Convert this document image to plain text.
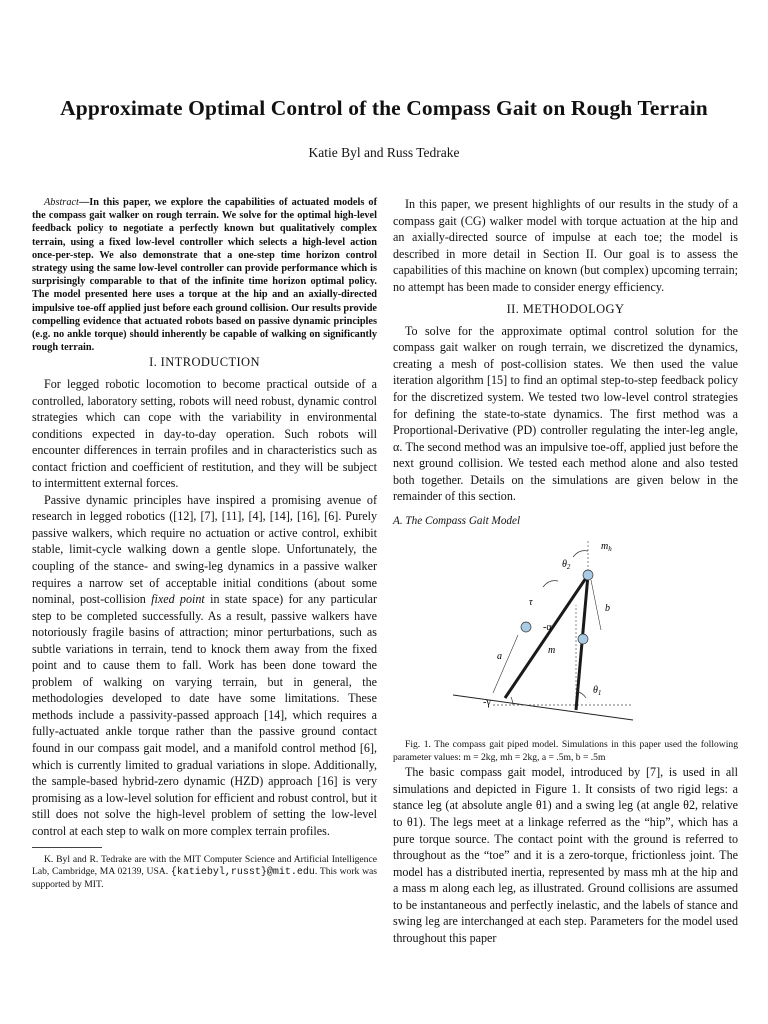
Approximate Optimal Control of the Compass Gait on Rough Terrain
Katie Byl and Russ Tedrake

Abstract—In this paper, we explore the capabilities of actuated models of the compass gait walker on rough terrain. We solve for the optimal high-level feedback policy to negotiate a perfectly known but qualitatively complex terrain, using a fixed low-level controller which selects a high-level action once-per-step. We also demonstrate that a one-step time horizon control strategy using the same low-level controller can provide performance which is surprisingly comparable to that of the infinite time horizon optimal policy. The model presented here uses a torque at the hip and an axially-directed impulsive toe-off applied just before each ground collision. Our results provide compelling evidence that actuated robots based on passive dynamic principles (e.g. no ankle torque) should inherently be capable of walking on significantly rough terrain.

I. INTRODUCTION

For legged robotic locomotion to become practical outside of a controlled, laboratory setting, robots will need robust, dynamic control strategies which can cope with the variability in environmental conditions expected in day-to-day operation. Such robots will encounter differences in terrain profiles and in characteristics such as contact friction and coefficient of restitution, and they will be subject to intermittent external forces.

Passive dynamic principles have inspired a promising avenue of research in legged robotics ([12], [7], [11], [4], [14], [16], [6]. Purely passive walkers, which require no actuation or active control, exhibit stable, limit-cycle walking down a gentle slope. Unfortunately, the coupling of the stance- and swing-leg dynamics in a passive walker requires a narrow set of acceptable initial conditions (about some nominal, post-collision fixed point in state space) for any particular step to be completed successfully. As a result, passive walkers have notoriously fragile basins of attraction; minor perturbations, such as subtle variations in terrain, tend to knock them away from the fixed point and to cause them to fall. Work has been done toward the problem of walking on varying terrain, but in general, the methodologies developed to date have some limitations. These methods include a passivity-passed approach [14], which requires a fully-actuated ankle torque rather than the passive ground contact found in our compass gait model, and a manifold control method [6], which is currently limited to gradual variations in slope. Additionally, the sample-based hybrid-zero dynamic (HZD) approach [16] is very promising as a low-level solution for efficient and robust control, but it still does not solve the high-level problem of setting the low-level control at each step to walk on more complex terrain profiles.

K. Byl and R. Tedrake are with the MIT Computer Science and Artificial Intelligence Lab, Cambridge, MA 02139, USA. {katiebyl,russt}@mit.edu. This work was supported by MIT.

In this paper, we present highlights of our results in the study of a compass gait (CG) walker model with torque actuation at the hip and an axially-directed source of impulse at each toe; the model is described in more detail in Section II. Our goal is to assess the capabilities of this machine on known (but complex) upcoming terrain; no attempt has been made to consider energy efficiency.

II. METHODOLOGY

To solve for the approximate optimal control solution for the compass gait walker on rough terrain, we discretized the dynamics, creating a mesh of post-collision states. We then used the value iteration algorithm [15] to find an optimal step-to-step feedback policy for the discretized system. We tested two low-level control strategies for defining the state-to-state dynamics. The first method was a Proportional-Derivative (PD) controller regulating the inter-leg angle, α. The second method was an impulsive toe-off, applied just before the next ground collision. We tested each method alone and also tested both together. Details on the simulations are given below in the remainder of this section.

A. The Compass Gait Model
$m_h$
$\theta_2$
τ
b
-α
a
m
$\theta_1$
-γ

Fig. 1. The compass gait piped model. Simulations in this paper used the following parameter values: m = 2kg, mh = 2kg, a = .5m, b = .5m

The basic compass gait model, introduced by [7], is used in all simulations and depicted in Figure 1. It consists of two rigid legs: a stance leg (at absolute angle θ1) and a swing leg (at angle θ2, relative to θ1). The legs meet at a linkage referred as the “hip”, which has a pure torque source. The contact point with the ground is referred to throughout as the “toe” and it is a zero-torque, frictionless joint. The model has a distributed inertia, represented by mass mh at the hip and a mass m along each leg, as illustrated. Ground collisions are assumed to be instantaneous and perfectly inelastic, and the labels of stance and swing leg are interchanged at each step. Parameters for the model used throughout this paper
